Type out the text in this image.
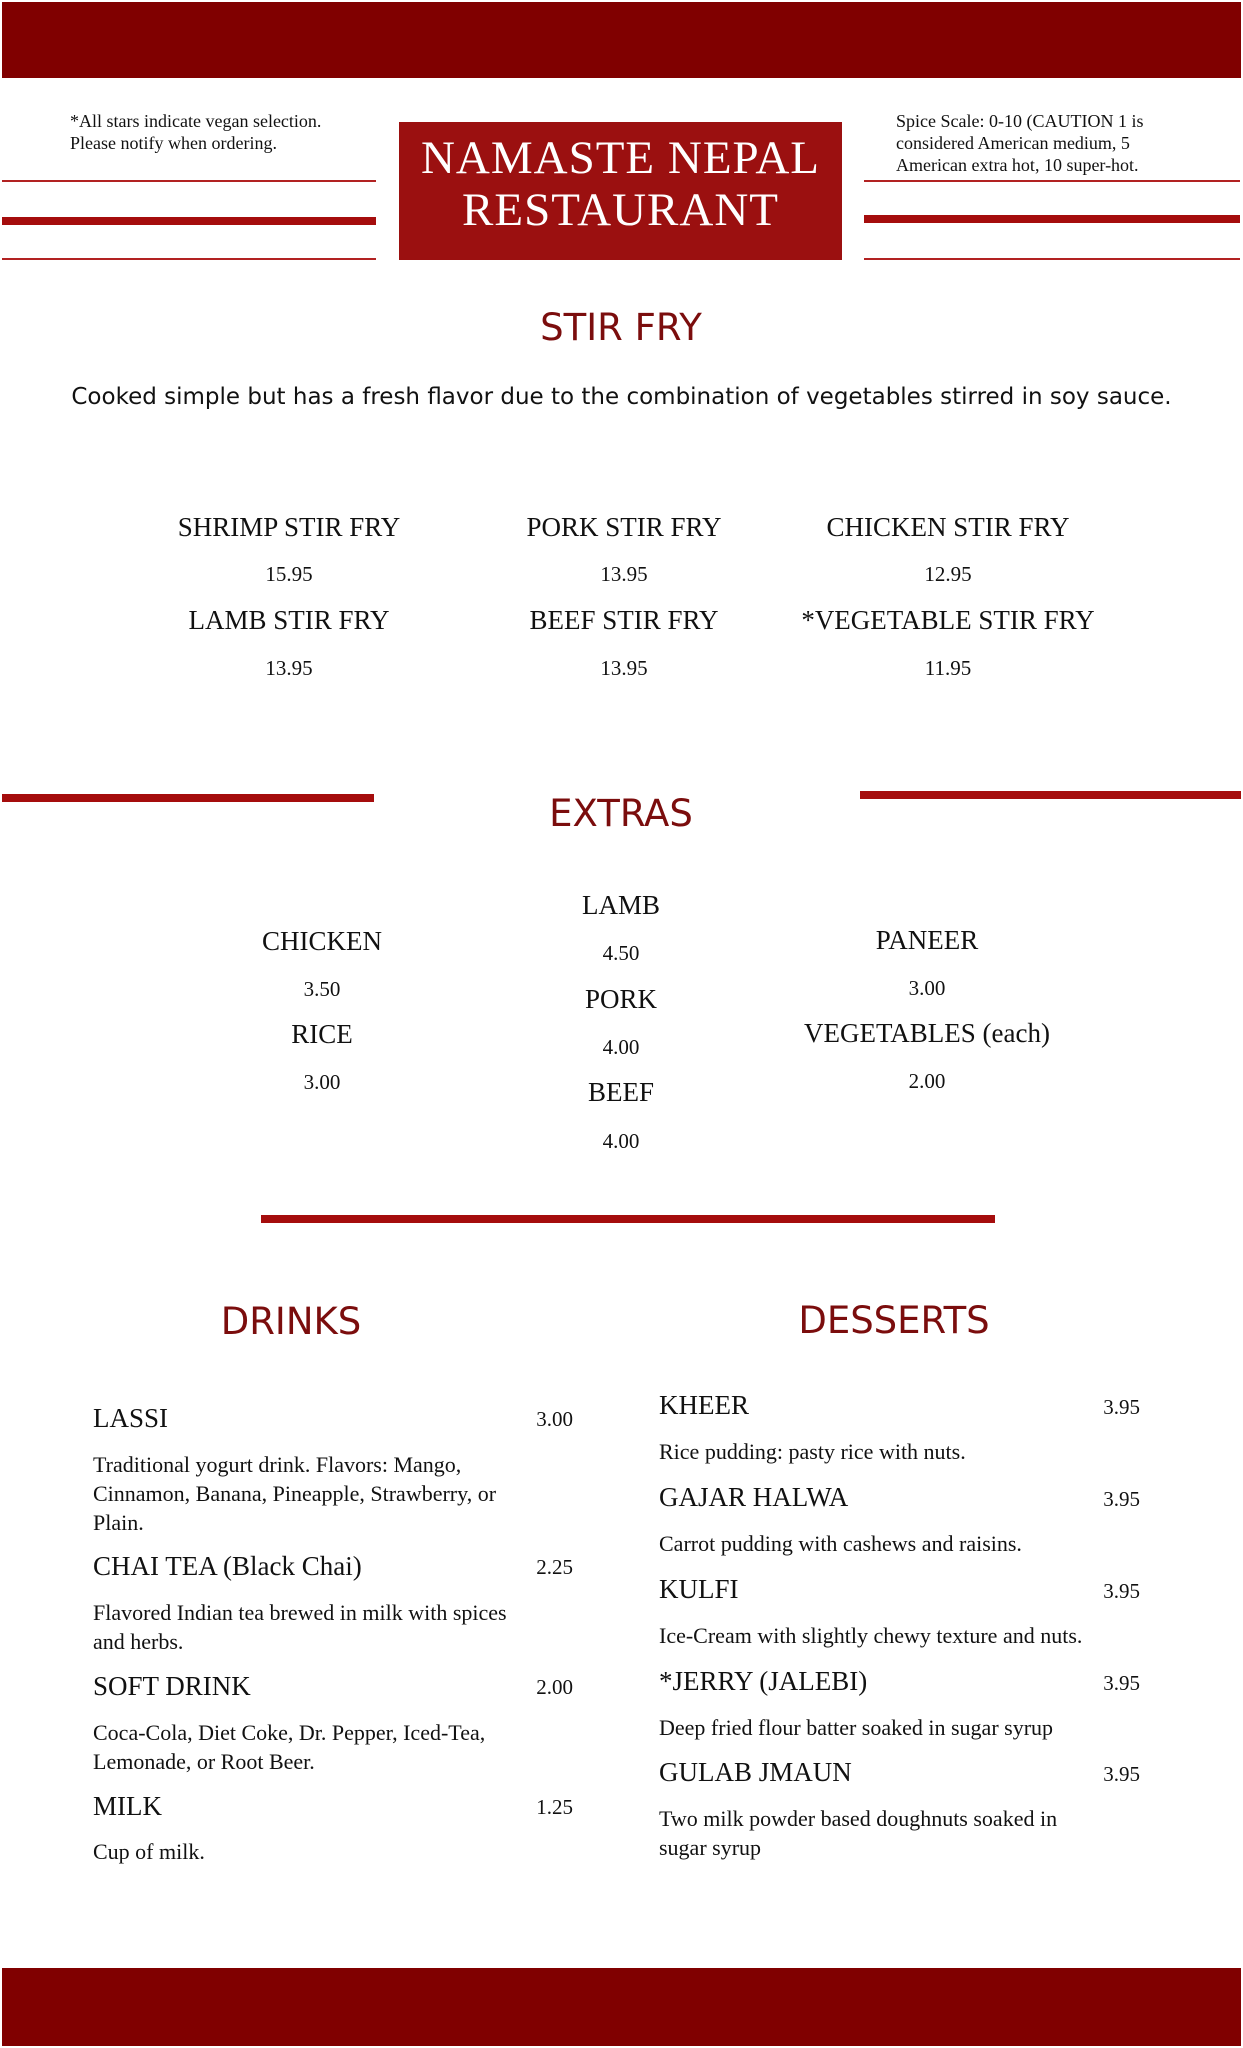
*All stars indicate vegan selection.
Please notify when ordering.	NAMASTE NEPAL
RESTAURANT
Spice Scale: 0-10 (CAUTION 1 is
considered American medium, 5
American extra hot, 10 super-hot.
STIR FRY
Cooked simple but has a fresh flavor due to the combination of vegetables stirred in soy sauce.
SHRIMP STIR FRY
15.95
PORK STIR FRY
13.95
CHICKEN STIR FRY
12.95
LAMB STIR FRY
13.95
BEEF STIR FRY
13.95
*VEGETABLE STIR FRY
11.95
EXTRAS
CHICKEN
3.50
RICE
3.00
LAMB
4.50
PORK
4.00
BEEF
4.00
PANEER
3.00
VEGETABLES (each)
2.00
DRINKS
LASSI	3.00
Traditional yogurt drink. Flavors: Mango,
Cinnamon, Banana, Pineapple, Strawberry, or
Plain.
CHAI TEA (Black Chai)	2.25
Flavored Indian tea brewed in milk with spices
and herbs.
SOFT DRINK	2.00
Coca-Cola, Diet Coke, Dr. Pepper, Iced-Tea,
Lemonade, or Root Beer.
MILK	1.25
Cup of milk.
DESSERTS
KHEER	3.95
Rice pudding: pasty rice with nuts.
GAJAR HALWA	3.95
Carrot pudding with cashews and raisins.
KULFI	3.95
Ice-Cream with slightly chewy texture and nuts.
*JERRY (JALEBI)	3.95
Deep fried flour batter soaked in sugar syrup
GULAB JMAUN	3.95
Two milk powder based doughnuts soaked in
sugar syrup
